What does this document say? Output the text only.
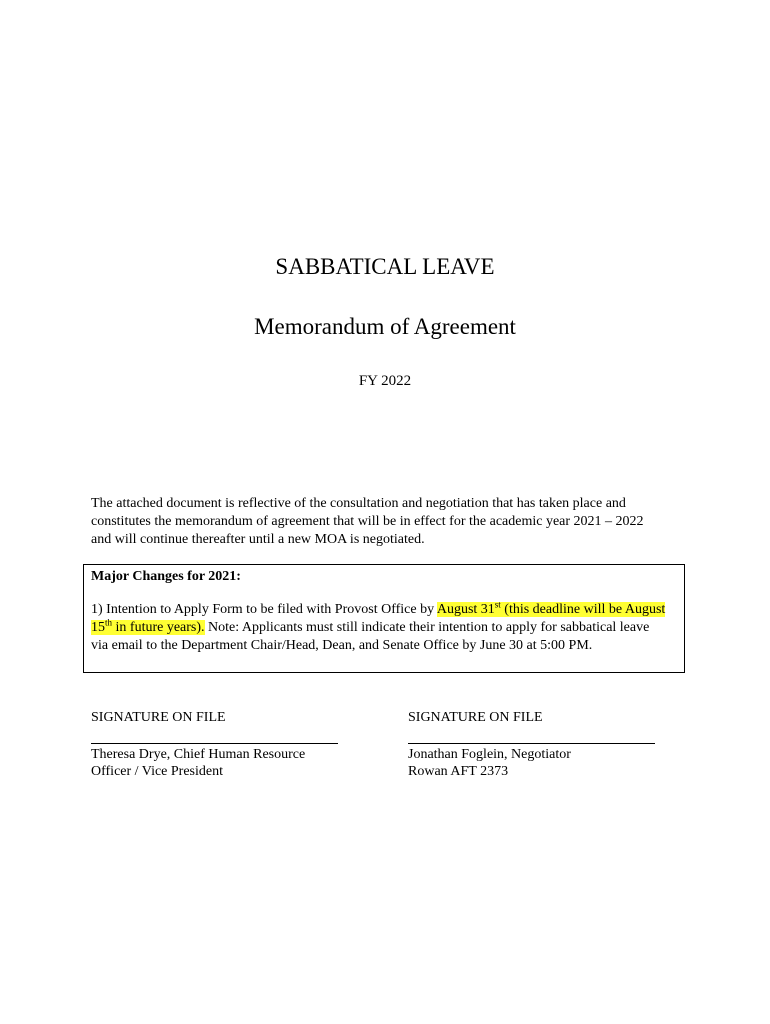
SABBATICAL LEAVE
Memorandum of Agreement
FY 2022
The attached document is reflective of the consultation and negotiation that has taken place and
constitutes the memorandum of agreement that will be in effect for the academic year 2021 – 2022
and will continue thereafter until a new MOA is negotiated.
Major Changes for 2021:
1) Intention to Apply Form to be filed with Provost Office by August 31st (this deadline will be August
15th in future years). Note: Applicants must still indicate their intention to apply for sabbatical leave
via email to the Department Chair/Head, Dean, and Senate Office by June 30 at 5:00 PM.
SIGNATURE ON FILE
Theresa Drye, Chief Human Resource
Officer / Vice President
SIGNATURE ON FILE
Jonathan Foglein, Negotiator
Rowan AFT 2373
